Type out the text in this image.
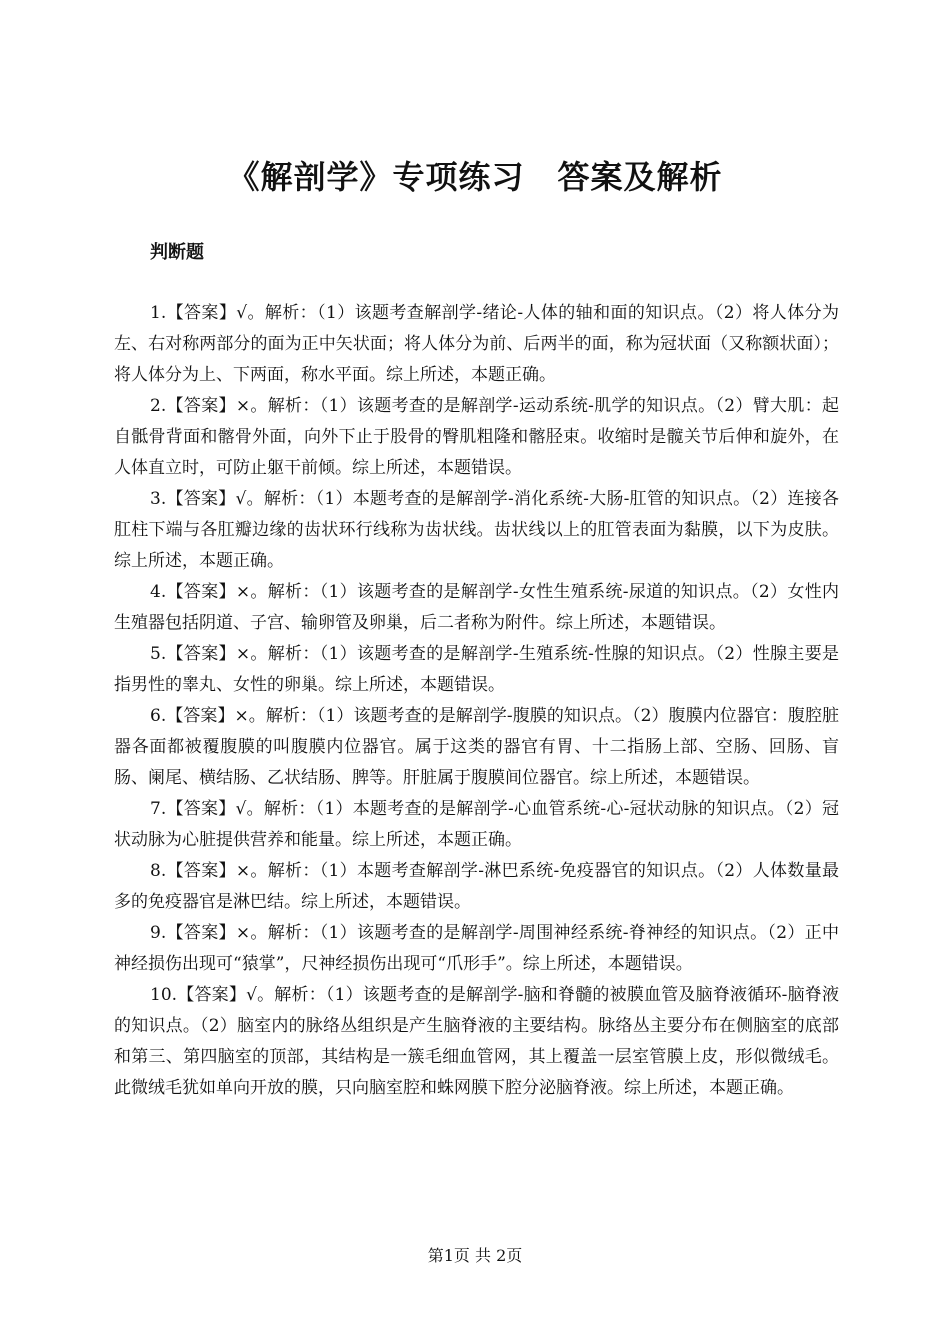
《解剖学》专项练习　答案及解析
判断题

1.【答案】√。解析：（1）该题考查解剖学-绪论-人体的轴和面的知识点。（2）将人体分为左、右对称两部分的面为正中矢状面；将人体分为前、后两半的面，称为冠状面（又称额状面）；将人体分为上、下两面，称水平面。综上所述，本题正确。

2.【答案】×。解析：（1）该题考查的是解剖学-运动系统-肌学的知识点。（2）臂大肌：起自骶骨背面和髂骨外面，向外下止于股骨的臀肌粗隆和髂胫束。收缩时是髋关节后伸和旋外，在人体直立时，可防止躯干前倾。综上所述，本题错误。

3.【答案】√。解析：（1）本题考查的是解剖学-消化系统-大肠-肛管的知识点。（2）连接各肛柱下端与各肛瓣边缘的齿状环行线称为齿状线。齿状线以上的肛管表面为黏膜，以下为皮肤。综上所述，本题正确。

4.【答案】×。解析：（1）该题考查的是解剖学-女性生殖系统-尿道的知识点。（2）女性内生殖器包括阴道、子宫、输卵管及卵巢，后二者称为附件。综上所述，本题错误。

5.【答案】×。解析：（1）该题考查的是解剖学-生殖系统-性腺的知识点。（2）性腺主要是指男性的睾丸、女性的卵巢。综上所述，本题错误。

6.【答案】×。解析：（1）该题考查的是解剖学-腹膜的知识点。（2）腹膜内位器官：腹腔脏器各面都被覆腹膜的叫腹膜内位器官。属于这类的器官有胃、十二指肠上部、空肠、回肠、盲肠、阑尾、横结肠、乙状结肠、脾等。肝脏属于腹膜间位器官。综上所述，本题错误。

7.【答案】√。解析：（1）本题考查的是解剖学-心血管系统-心-冠状动脉的知识点。（2）冠状动脉为心脏提供营养和能量。综上所述，本题正确。

8.【答案】×。解析：（1）本题考查解剖学-淋巴系统-免疫器官的知识点。（2）人体数量最多的免疫器官是淋巴结。综上所述，本题错误。

9.【答案】×。解析：（1）该题考查的是解剖学-周围神经系统-脊神经的知识点。（2）正中神经损伤出现可“猿掌”，尺神经损伤出现可“爪形手”。综上所述，本题错误。

10.【答案】√。解析：（1）该题考查的是解剖学-脑和脊髓的被膜血管及脑脊液循环-脑脊液的知识点。（2）脑室内的脉络丛组织是产生脑脊液的主要结构。脉络丛主要分布在侧脑室的底部和第三、第四脑室的顶部，其结构是一簇毛细血管网，其上覆盖一层室管膜上皮，形似微绒毛。此微绒毛犹如单向开放的膜，只向脑室腔和蛛网膜下腔分泌脑脊液。综上所述，本题正确。

第1页 共 2页
